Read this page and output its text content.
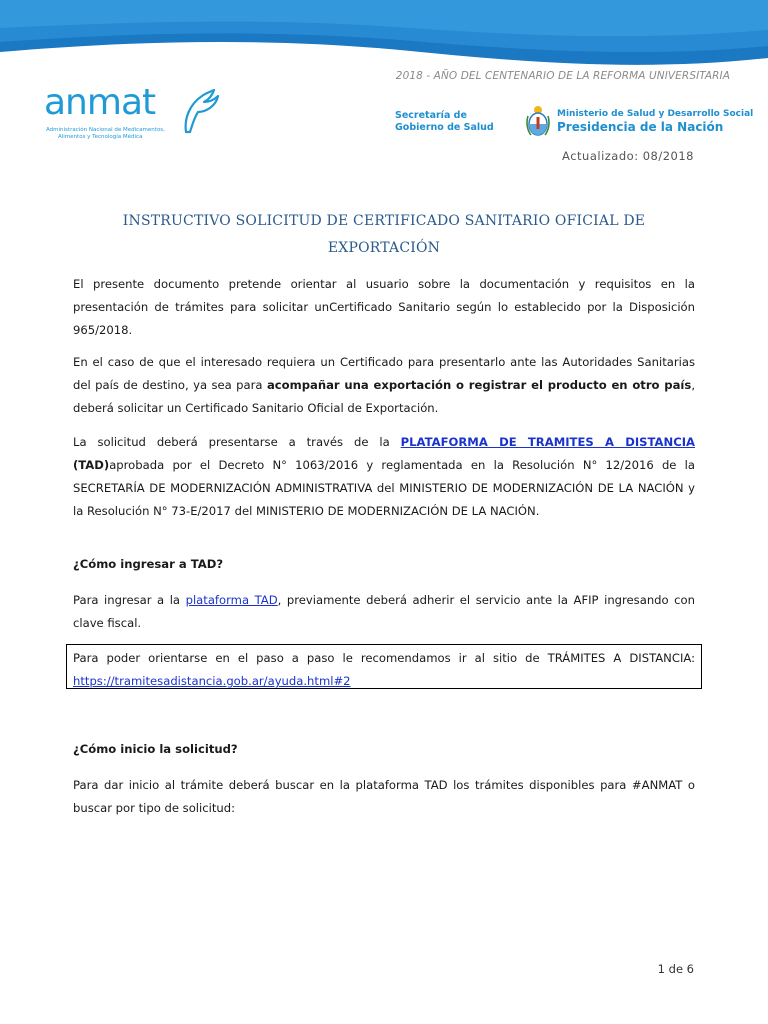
2018 - AÑO DEL CENTENARIO DE LA REFORMA UNIVERSITARIA

anmat
Administración Nacional de Medicamentos,
Alimentos y Tecnología Médica
Secretaría de
Gobierno de Salud
Ministerio de Salud y Desarrollo Social
Presidencia de la Nación

Actualizado: 08/2018

INSTRUCTIVO SOLICITUD DE CERTIFICADO SANITARIO OFICIAL DE EXPORTACIÓN

El presente documento pretende orientar al usuario sobre la documentación y requisitos en la presentación de trámites para solicitar unCertificado Sanitario según lo establecido por la Disposición 965/2018.

En el caso de que el interesado requiera un Certificado para presentarlo ante las Autoridades Sanitarias del país de destino, ya sea para acompañar una exportación o registrar el producto en otro país, deberá solicitar un Certificado Sanitario Oficial de Exportación.

La solicitud deberá presentarse a través de la PLATAFORMA DE TRAMITES A DISTANCIA (TAD)aprobada por el Decreto N° 1063/2016 y reglamentada en la Resolución N° 12/2016 de la SECRETARÍA DE MODERNIZACIÓN ADMINISTRATIVA del MINISTERIO DE MODERNIZACIÓN DE LA NACIÓN y la Resolución N° 73-E/2017 del MINISTERIO DE MODERNIZACIÓN DE LA NACIÓN.

¿Cómo ingresar a TAD?

Para ingresar a la plataforma TAD, previamente deberá adherir el servicio ante la AFIP ingresando con clave fiscal.

Para poder orientarse en el paso a paso le recomendamos ir al sitio de TRÁMITES A DISTANCIA: https://tramitesadistancia.gob.ar/ayuda.html#2

¿Cómo inicio la solicitud?

Para dar inicio al trámite deberá buscar en la plataforma TAD los trámites disponibles para #ANMAT o buscar por tipo de solicitud:

1 de 6
